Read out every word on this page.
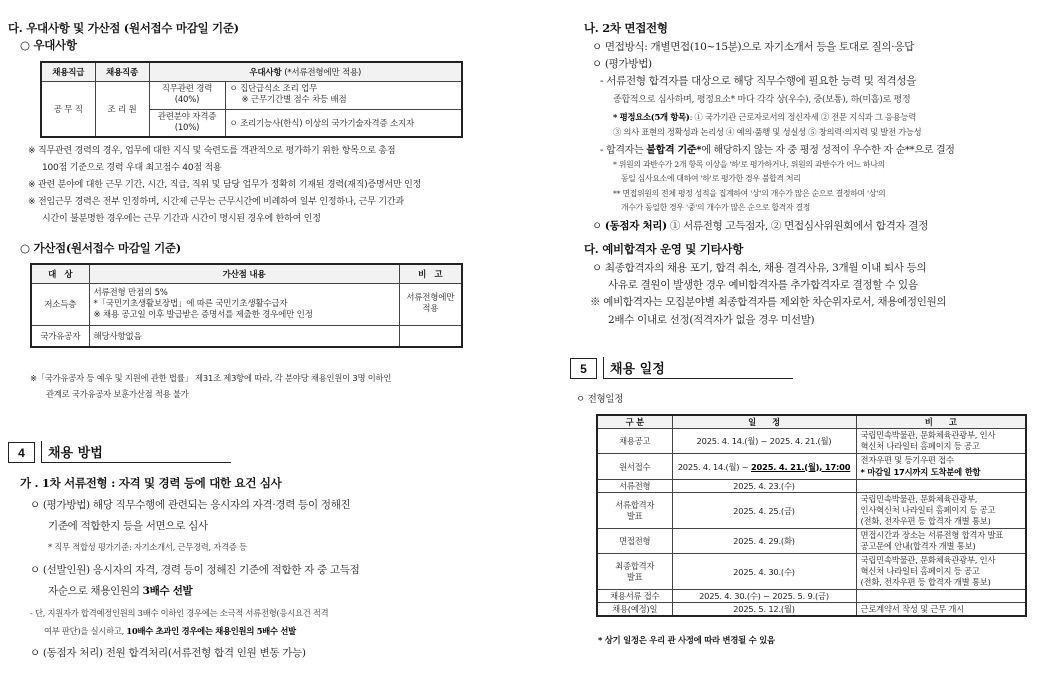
다. 우대사항 및 가산점 (원서접수 마감일 기준)
○ 우대사항
채용직급	채용직종	우대사항 (*서류전형에만 적용)	
공 무 직	조 리 원	직무관련 경력
(40%)	ㅇ 집단급식소 조리 업무
※ 근무기간별 점수 차등 배점

		관련분야 자격증
(10%)	ㅇ 조리기능사(한식) 이상의 국가기술자격증 소지자
※ 직무관련 경력의 경우, 업무에 대한 지식 및 숙련도를 객관적으로 평가하기 위한 항목으로 총점
100점 기준으로 경력 우대 최고점수 40점 적용
※ 관련 분야에 대한 근무 기간, 시간, 직급, 직위 및 담당 업무가 정확히 기재된 경력(재직)증명서만 인정
※ 전임근무 경력은 전부 인정하며, 시간제 근무는 근무시간에 비례하여 일부 인정하나, 근무 기간과
시간이 불분명한 경우에는 근무 기간과 시간이 명시된 경우에 한하여 인정
○ 가산점(원서접수 마감일 기준)
대　상	가산점 내용	비　고
저소득층	서류전형 만점의 5%
*「국민기초생활보장법」에 따른 국민기초생활수급자
※ 채용 공고일 이후 발급받은 증명서를 제출한 경우에만 인정	서류전형에만
적용

국가유공자	해당사항없음	
※「국가유공자 등 예우 및 지원에 관한 법률」 제31조 제3항에 따라, 각 분야당 채용인원이 3명 이하인
관계로 국가유공자 보훈가산점 적용 불가
4	채용 방법
가 . 1차 서류전형 : 자격 및 경력 등에 대한 요건 심사
ㅇ (평가방법) 해당 직무수행에 관련되는 응시자의 자격·경력 등이 정해진
기준에 적합한지 등을 서면으로 심사
* 직무 적합성 평가기준: 자기소개서, 근무경력, 자격증 등
ㅇ (선발인원) 응시자의 자격, 경력 등이 정해진 기준에 적합한 자 중 고득점
자순으로 채용인원의 3배수 선발
- 단, 지원자가 합격예정인원의 3배수 이하인 경우에는 소극적 서류전형(응시요건 적격
여부 판단)을 실시하고, 10배수 초과인 경우에는 채용인원의 5배수 선발
ㅇ (동점자 처리) 전원 합격처리(서류전형 합격 인원 변동 가능)
나. 2차 면접전형
ㅇ 면접방식: 개별면접(10~15분)으로 자기소개서 등을 토대로 질의·응답
ㅇ (평가방법)
- 서류전형 합격자를 대상으로 해당 직무수행에 필요한 능력 및 적격성을
종합적으로 심사하며, 평정요소* 마다 각각 상(우수), 중(보통), 하(미흡)로 평정
* 평정요소(5개 항목): ① 국가기관 근로자로서의 정신자세 ② 전문 지식과 그 응용능력
③ 의사 표현의 정확성과 논리성 ④ 예의·품행 및 성실성 ⑤ 창의력·의지력 및 발전 가능성
- 합격자는 불합격 기준*에 해당하지 않는 자 중 평정 성적이 우수한 자 순**으로 결정
* 위원의 과반수가 2개 항목 이상을 '하'로 평가하거나, 위원의 과반수가 어느 하나의
동일 심사요소에 대하여 '하'로 평가한 경우 불합격 처리
** 면접위원의 전체 평정 성적을 집계하여 '상'의 개수가 많은 순으로 결정하며 '상'의
개수가 동일한 경우 '중'의 개수가 많은 순으로 합격자 결정
ㅇ (동점자 처리) ① 서류전형 고득점자, ② 면접심사위원회에서 합격자 결정
다. 예비합격자 운영 및 기타사항
ㅇ 최종합격자의 채용 포기, 합격 취소, 채용 결격사유, 3개월 이내 퇴사 등의
사유로 결원이 발생한 경우 예비합격자를 추가합격자로 결정할 수 있음
※ 예비합격자는 모집분야별 최종합격자를 제외한 차순위자로서, 채용예정인원의
2배수 이내로 선정(적격자가 없을 경우 미선발)
5	채용 일정
ㅇ 전형일정
구 분	일　　정	비　　고
채용공고	2025. 4. 14.(월) ~ 2025. 4. 21.(월)	국립민속박물관, 문화체육관광부, 인사
혁신처 나라일터 홈페이지 등 공고

원서접수	2025. 4. 14.(월) ~ 2025. 4. 21.(월), 17:00	전자우편 및 등기우편 접수
* 마감일 17시까지 도착분에 한함

서류전형	2025. 4. 23.(수)	

서류합격자
발표	2025. 4. 25.(금)	국립민속박물관, 문화체육관광부,
인사혁신처 나라일터 홈페이지 등 공고
(전화, 전자우편 등 합격자 개별 통보)

면접전형	2025. 4. 29.(화)	면접시간과 장소는 서류전형 합격자 발표
공고문에 안내(합격자 개별 통보)

최종합격자
발표	2025. 4. 30.(수)	국립민속박물관, 문화체육관광부, 인사
혁신처 나라일터 홈페이지 등 공고
(전화, 전자우편 등 합격자 개별 통보)

채용서류 접수	2025. 4. 30.(수) ~ 2025. 5. 9.(금)	
채용(예정)일	2025. 5. 12.(월)	근로계약서 작성 및 근무 개시
* 상기 일정은 우리 관 사정에 따라 변경될 수 있음
